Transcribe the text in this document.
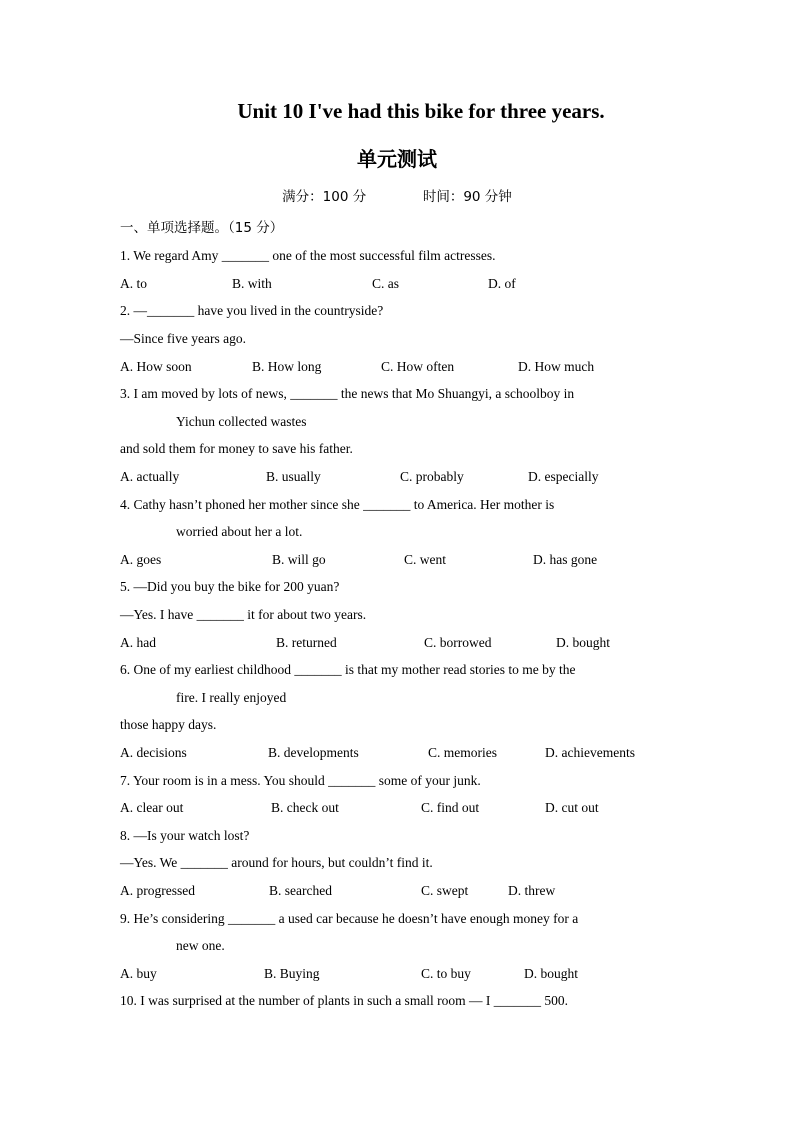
Unit 10 I've had this bike for three years.
单元测试
满分：100 分	时间：90 分钟
一、单项选择题。（15 分）
1. We regard Amy _______ one of the most successful film actresses.
A. to	B. with	C. as	D. of
2. —_______ have you lived in the countryside?
—Since five years ago.
A. How soon	B. How long	C. How often	D. How much
3. I am moved by lots of news, _______ the news that Mo Shuangyi, a schoolboy in
Yichun collected wastes
and sold them for money to save his father.
A. actually	B. usually	C. probably	D. especially
4. Cathy hasn’t phoned her mother since she _______ to America. Her mother is
worried about her a lot.
A. goes	B. will go	C. went	D. has gone
5. —Did you buy the bike for 200 yuan?
—Yes. I have _______ it for about two years.
A. had	B. returned	C. borrowed	D. bought
6. One of my earliest childhood _______ is that my mother read stories to me by the
fire. I really enjoyed
those happy days.
A. decisions	B. developments	C. memories	D. achievements
7. Your room is in a mess. You should _______ some of your junk.
A. clear out	B. check out	C. find out	D. cut out
8. —Is your watch lost?
—Yes. We _______ around for hours, but couldn’t find it.
A. progressed	B. searched	C. swept	D. threw
9. He’s considering _______ a used car because he doesn’t have enough money for a
new one.
A. buy	B. Buying	C. to buy	D. bought
10. I was surprised at the number of plants in such a small room — I _______ 500.
